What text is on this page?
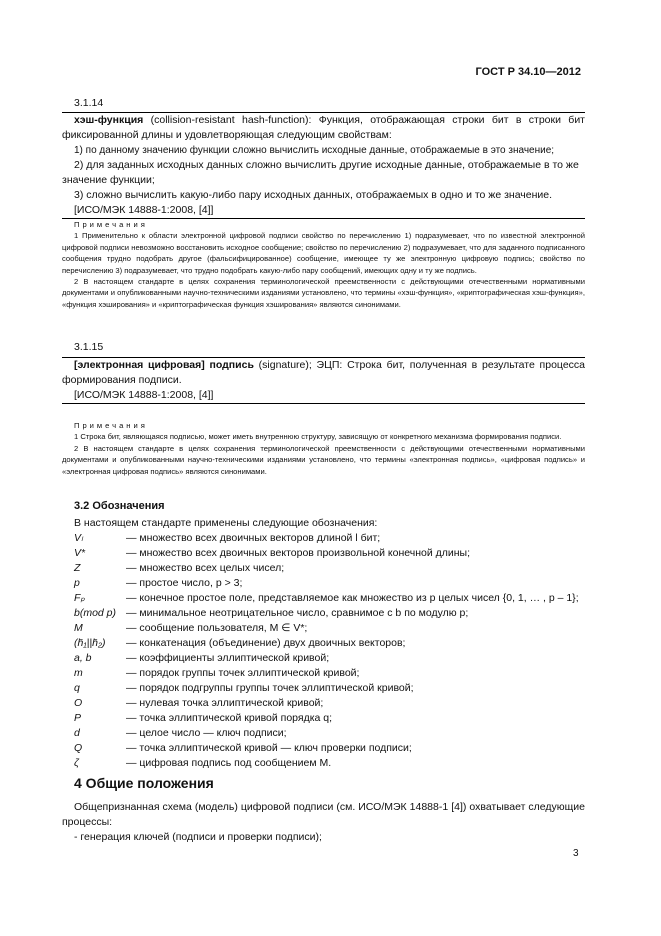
ГОСТ Р 34.10—2012
3.1.14

хэш-функция (collision-resistant hash-function): Функция, отображающая строки бит в строки бит фиксированной длины и удовлетворяющая следующим свойствам:

1) по данному значению функции сложно вычислить исходные данные, отображаемые в это значение;

2) для заданных исходных данных сложно вычислить другие исходные данные, отображаемые в то же значение функции;

3) сложно вычислить какую-либо пару исходных данных, отображаемых в одно и то же значение.

[ИСО/МЭК 14888-1:2008, [4]]

Примечания

1 Применительно к области электронной цифровой подписи свойство по перечислению 1) подразумевает, что по известной электронной цифровой подписи невозможно восстановить исходное сообщение; свойство по перечислению 2) подразумевает, что для заданного подписанного сообщения трудно подобрать другое (фальсифицированное) сообщение, имеющее ту же электронную цифровую подпись; свойство по перечислению 3) подразумевает, что трудно подобрать какую-либо пару сообщений, имеющих одну и ту же подпись.

2 В настоящем стандарте в целях сохранения терминологической преемственности с действующими отечественными нормативными документами и опубликованными научно-техническими изданиями установлено, что термины «хэш-функция», «криптографическая хэш-функция», «функция хэширования» и «криптографическая функция хэширования» являются синонимами.

3.1.15

[электронная цифровая] подпись (signature); ЭЦП: Строка бит, полученная в результате процесса формирования подписи.

[ИСО/МЭК 14888-1:2008, [4]]

Примечания

1 Строка бит, являющаяся подписью, может иметь внутреннюю структуру, зависящую от конкретного механизма формирования подписи.

2 В настоящем стандарте в целях сохранения терминологической преемственности с действующими отечественными нормативными документами и опубликованными научно-техническими изданиями установлено, что термины «электронная подпись», «цифровая подпись» и «электронная цифровая подпись» являются синонимами.

3.2 Обозначения
В настоящем стандарте применены следующие обозначения:
Vₗ	— множество всех двоичных векторов длиной l бит;
V*	— множество всех двоичных векторов произвольной конечной длины;
Z	— множество всех целых чисел;
p	— простое число, p > 3;
Fₚ	— конечное простое поле, представляемое как множество из p целых чисел {0, 1, … , p – 1};
b(mod p) — минимальное неотрицательное число, сравнимое с b по модулю p;
M	— сообщение пользователя, M ∈ V*;
(h̄₁||h̄₂)	— конкатенация (объединение) двух двоичных векторов;
a, b	— коэффициенты эллиптической кривой;
m	— порядок группы точек эллиптической кривой;
q	— порядок подгруппы группы точек эллиптической кривой;
O	— нулевая точка эллиптической кривой;
P	— точка эллиптической кривой порядка q;
d	— целое число — ключ подписи;
Q	— точка эллиптической кривой — ключ проверки подписи;
ζ	— цифровая подпись под сообщением M.
4 Общие положения

Общепризнанная схема (модель) цифровой подписи (см. ИСО/МЭК 14888-1 [4]) охватывает следующие процессы:

- генерация ключей (подписи и проверки подписи);

3
